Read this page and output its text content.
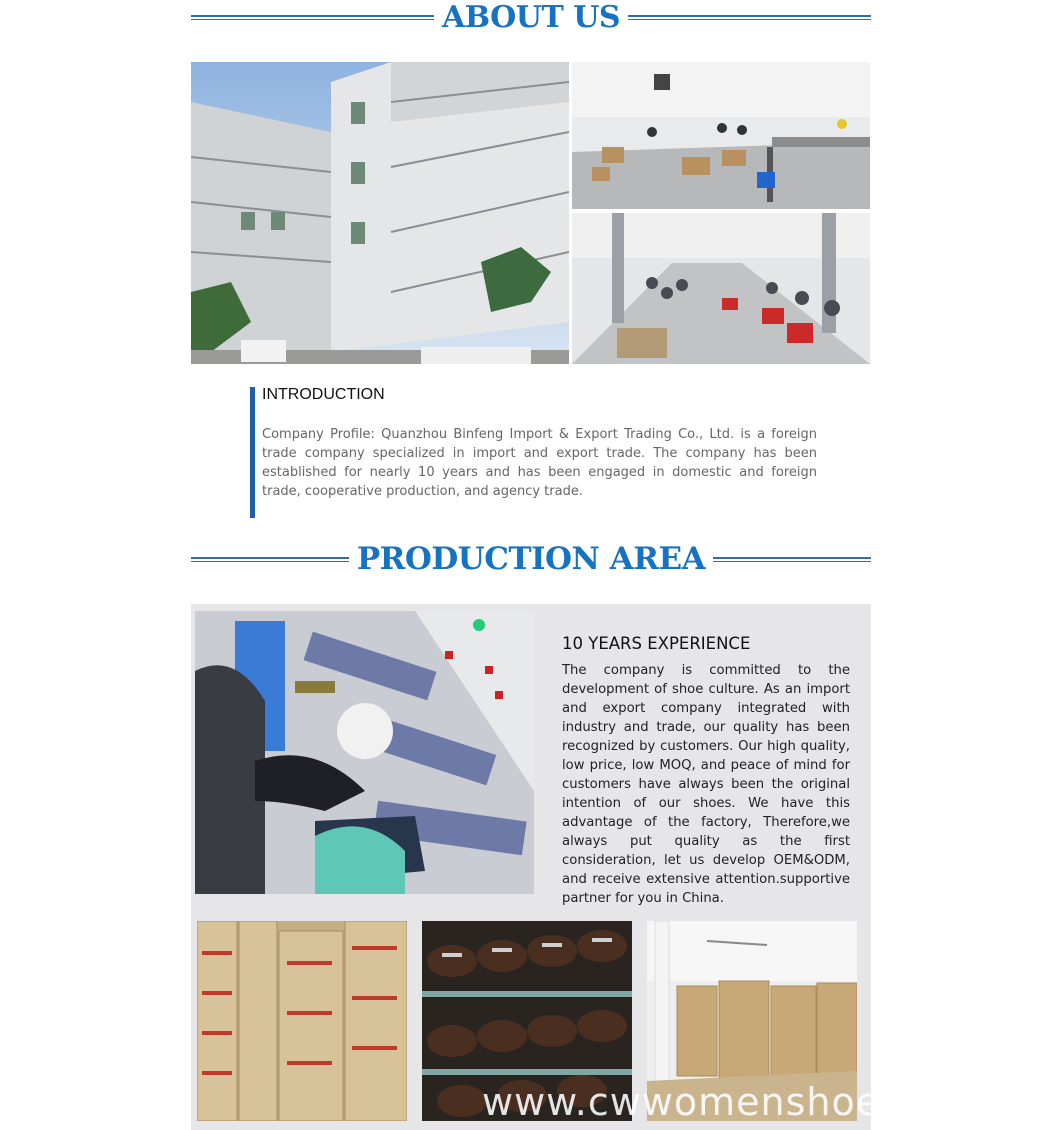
ABOUT US
INTRODUCTION
Company Profile: Quanzhou Binfeng Import & Export Trading Co., Ltd. is a foreign trade company specialized in import and export trade. The company has been established for nearly 10 years and has been engaged in domestic and foreign trade, cooperative production, and agency trade.
PRODUCTION AREA
10 YEARS EXPERIENCE
The company is committed to the development of shoe culture. As an import and export company integrated with industry and trade, our quality has been recognized by customers. Our high quality, low price, low MOQ, and peace of mind for customers have always been the original intention of our shoes. We have this advantage of the factory, Therefore,we always put quality as the first consideration, let us develop OEM&ODM, and receive extensive attention.supportive partner for you in China.
www.cwwomenshoes.com
